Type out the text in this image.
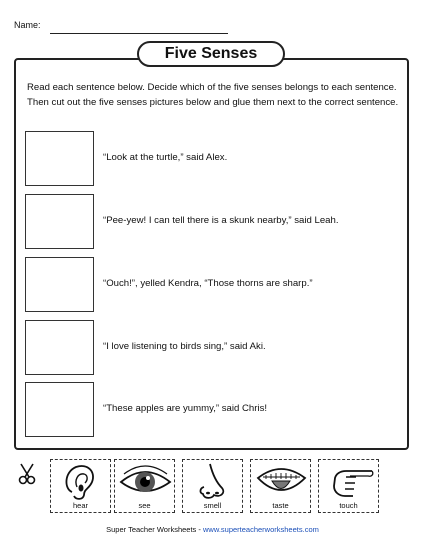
Name:
Five Senses
Read each sentence below. Decide which of the five senses belongs to each sentence. Then cut out the five senses pictures below and glue them next to the correct sentence.
“Look at the turtle,” said Alex.
“Pee-yew! I can tell there is a skunk nearby,” said Leah.
“Ouch!”, yelled Kendra, “Those thorns are sharp.”
“I love listening to birds sing,” said Aki.
“These apples are yummy,” said Chris!
hear	see	smell	taste	touch
Super Teacher Worksheets - www.superteacherworksheets.com
